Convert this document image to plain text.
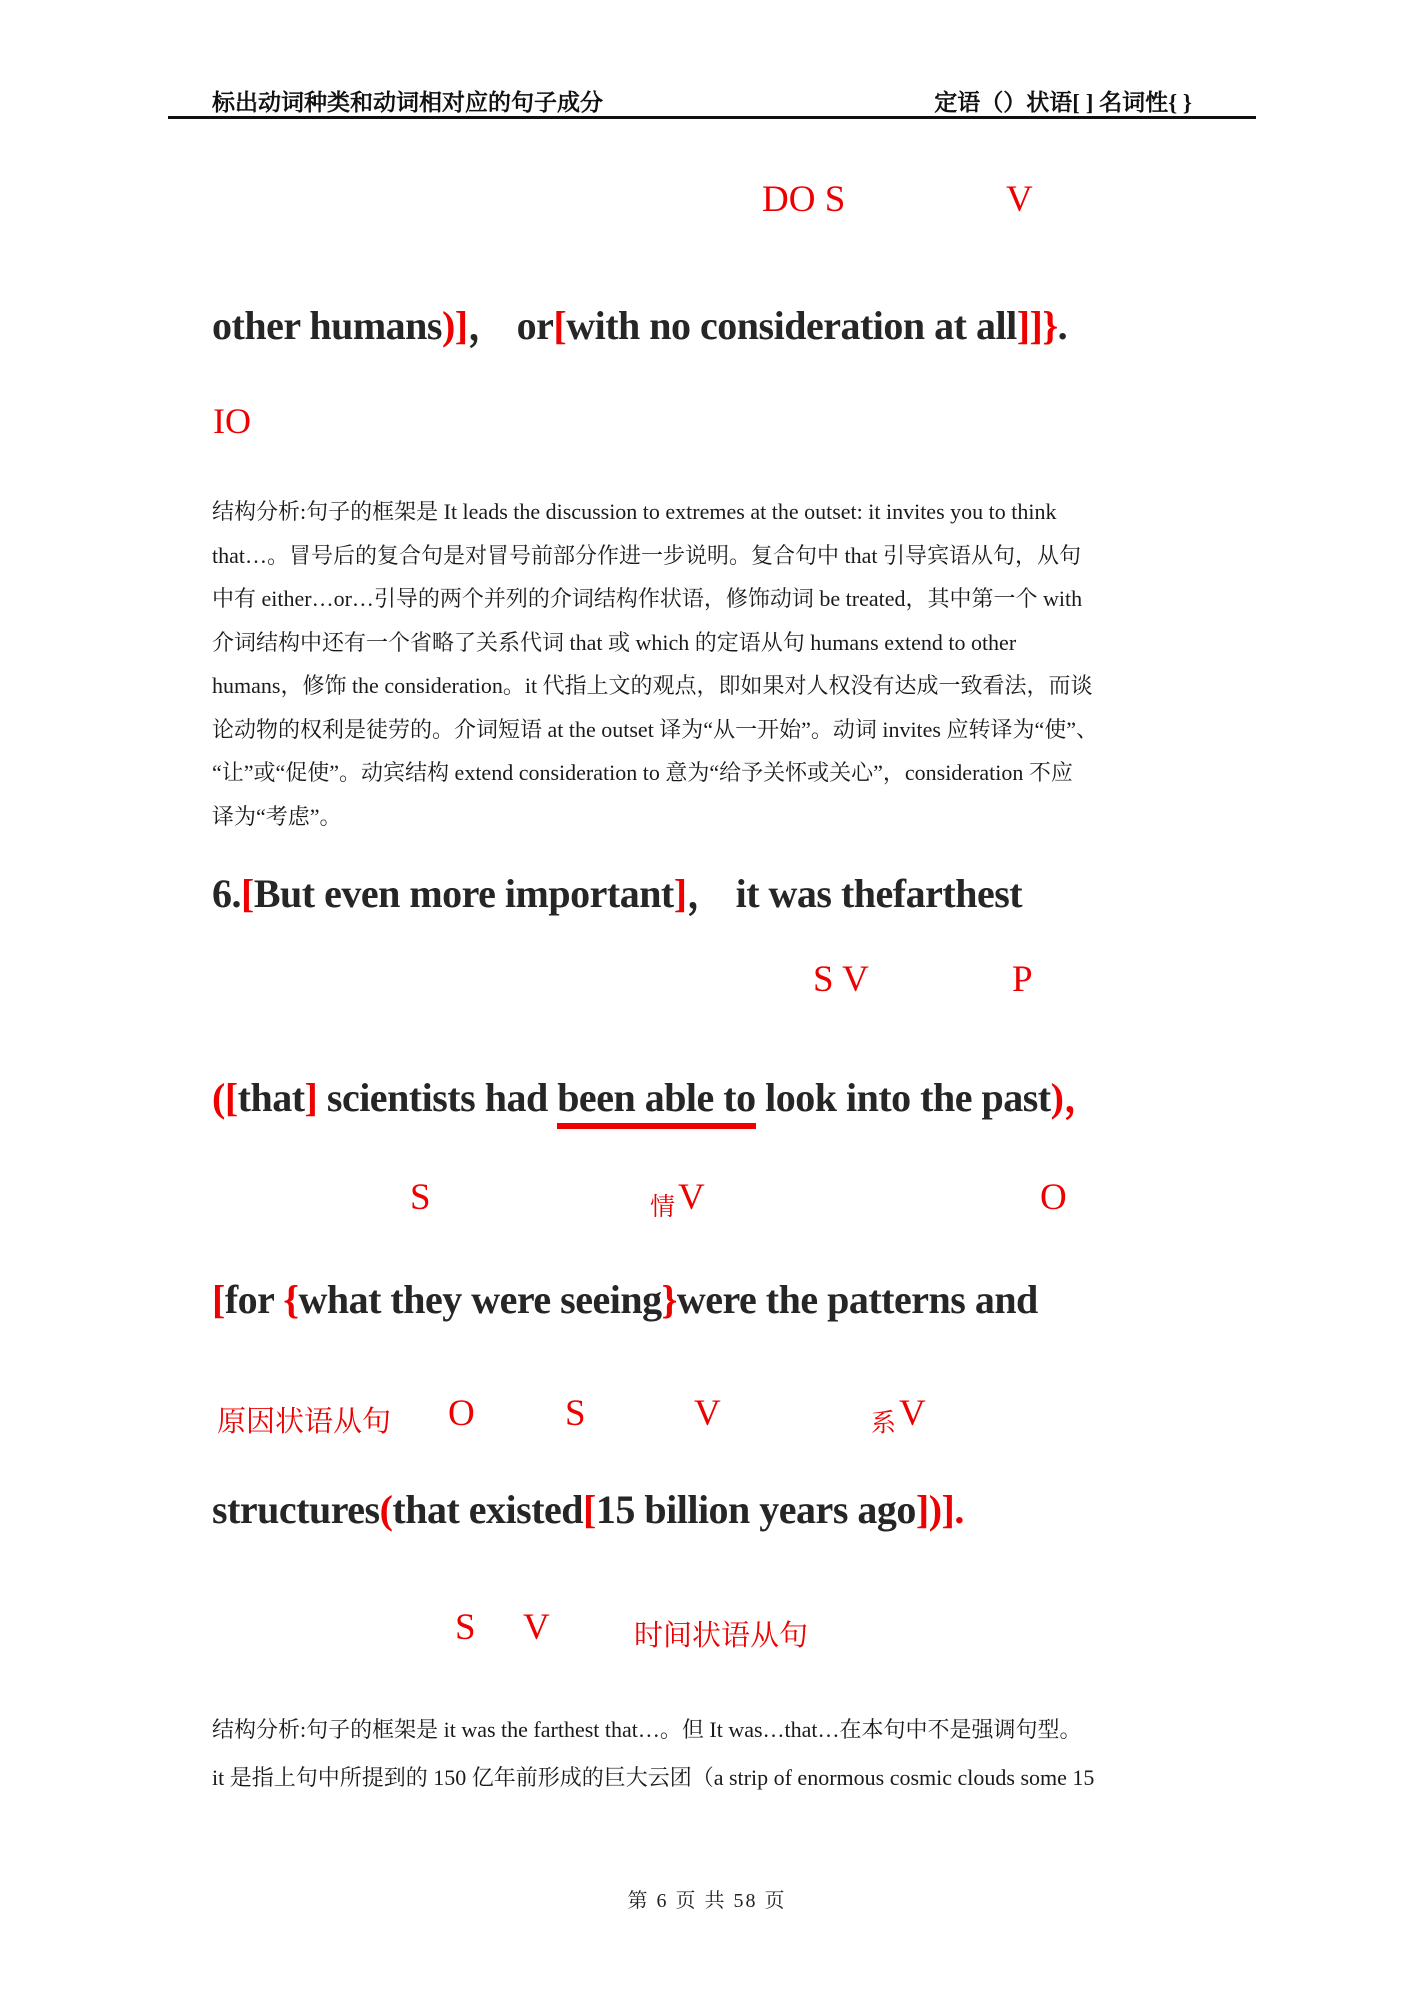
标出动词种类和动词相对应的句子成分	定语（）状语[ ] 名词性{ }
DO S	V
other humans)]， or[with no consideration at all]]}.
IO
结构分析:句子的框架是 It leads the discussion to extremes at the outset: it invites you to think
that…。冒号后的复合句是对冒号前部分作进一步说明。复合句中 that 引导宾语从句，从句
中有 either…or…引导的两个并列的介词结构作状语，修饰动词 be treated，其中第一个 with
介词结构中还有一个省略了关系代词 that 或 which 的定语从句 humans extend to other
humans，修饰 the consideration。it 代指上文的观点，即如果对人权没有达成一致看法，而谈
论动物的权利是徒劳的。介词短语 at the outset 译为“从一开始”。动词 invites 应转译为“使”、
“让”或“促使”。动宾结构 extend consideration to 意为“给予关怀或关心”，consideration 不应
译为“考虑”。
6.[But even more important]， it was thefarthest
S V	P
([that] scientists had been able to look into the past)，
S	情 V	O
[for {what they were seeing}were the patterns and
原因状语从句 O S	V	系 V
structures(that existed[15 billion years ago])].
S V	时间状语从句
结构分析:句子的框架是 it was the farthest that…。但 It was…that…在本句中不是强调句型。
it 是指上句中所提到的 150 亿年前形成的巨大云团（a strip of enormous cosmic clouds some 15
第 6 页 共 58 页
